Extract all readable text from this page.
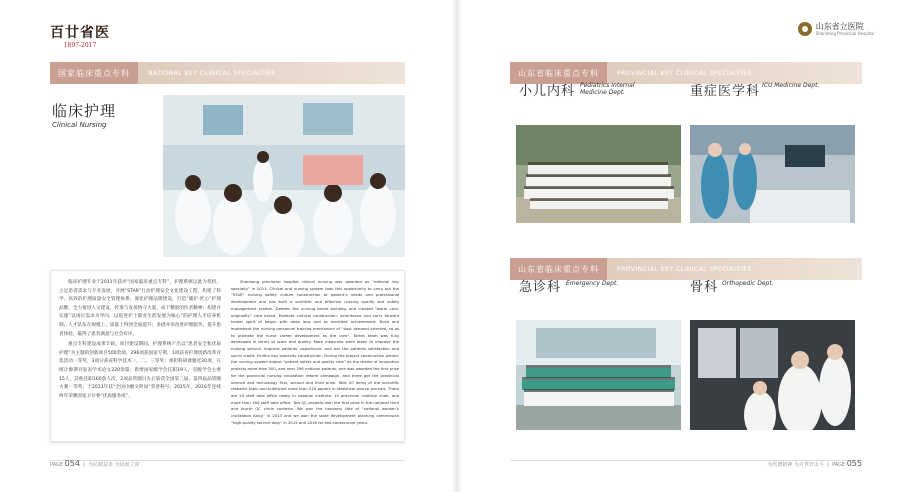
百廿省医
1897-2017
国家临床重点专科	NATIONAL KEY CLINICAL SPECIALTIES
临床护理
Clinical Nursing

临床护理专业于2011年获评“国家临床重点专科”，护理系统以此为契机，立足患者需求与专业发展，开展“STAR”行动护理安全文化建设工程，构建了科学、高效的护理质量安全管理体系；深化护理品牌建设，打造“暖护·匠心”护理品牌，全力推进人文建设，传承与发扬恪守大爱、成于精湛的医者精神；构建并实施“以岗位需求为导向，以促进护士职业生涯发展为核心”的护理人才培养机制，人才队伍在规模上、质量上得到全面提升；多措并举改进护理服务，提升患者体验，赢得了患者满意与社会好评。

重点专科建设成果丰硕。项目建设期间，护理系统产出以“患者安全和优质护理”为主题的创新项目500余项，296项获国家专利，1项获省护理创新改革评选活动一等奖，3项分获省科学技术一、二、三等奖；承担科研课题近20项，在统计源期刊发表学术论文220余篇；新增国家级学会任职19人，省级学会主委15人，其他任职160余人次；2项品管圈日先后斩获全国第三届、第四届品管圈大赛一等奖；于2013年获“全国巾帼文明岗”荣誉称号；2015年、2016年连续两年荣膺国家卫计委“优质服务岗”。

Shandong provincial hospital clinical nursing was awarded as “national key specialty” in 2011. Clinical and nursing system took this opportunity to carry out the “STAR” nursing safety culture construction to patient’s needs and professional development and has built a scientific and effective nursing quality and safety management system. Deepen the nursing brand building, and created “warm care, originality” care brand. Promote cultural construction; inheritance and carry forward healer spirit of begun with deep love and as excellent achievement. Build and implement the nursing personnel training mechanism of “post demand oriented, so as to promote the nurse career development as the core”. Talent team was fully developed in terms of scale and quality. More measures were taken to improve the nursing service, improve patients’ experience, and win the patients satisfaction and social credit. Fruitful key specialty construction. During the project construction period, the nursing system output “patient safety and quality care” as the theme of innovation projects more than 500, and over 296 national patents, one was awarded the first prize for the provincial nursing innovation reform campaign, and three got the provincial science and technology first, second and third prize. Take 20 items of the scientific research topic and published more than 220 papers in statistical source journals. There are 19 staff take office newly in national institute, 15 provincial institute chair, and more than 160 staff take office. Two QC projects won the first prize in the national third and fourth QC circle contests. We won the honorary title of “national women’s civilization Kang” in 2013 and we won the state development planning commission “high-quality service duty” in 2015 and 2016 for two consecutive years.

PAGE 054  |  为民精益求 为民而立命
山东省立医院
Shandong Provincial Hospital
山东省临床重点专科	PROVINCIAL KEY CLINICAL SPECIALTIES
小儿内科 Pediatrics Internal
Medicine Dept.	重症医学科 ICU Medicine Dept.
山东省临床重点专科	PROVINCIAL KEY CLINICAL SPECIALTIES
急诊科 Emergency Dept.	骨科 Orthopedic Dept.
为医德精神 为万世开太平  |  PAGE 055
